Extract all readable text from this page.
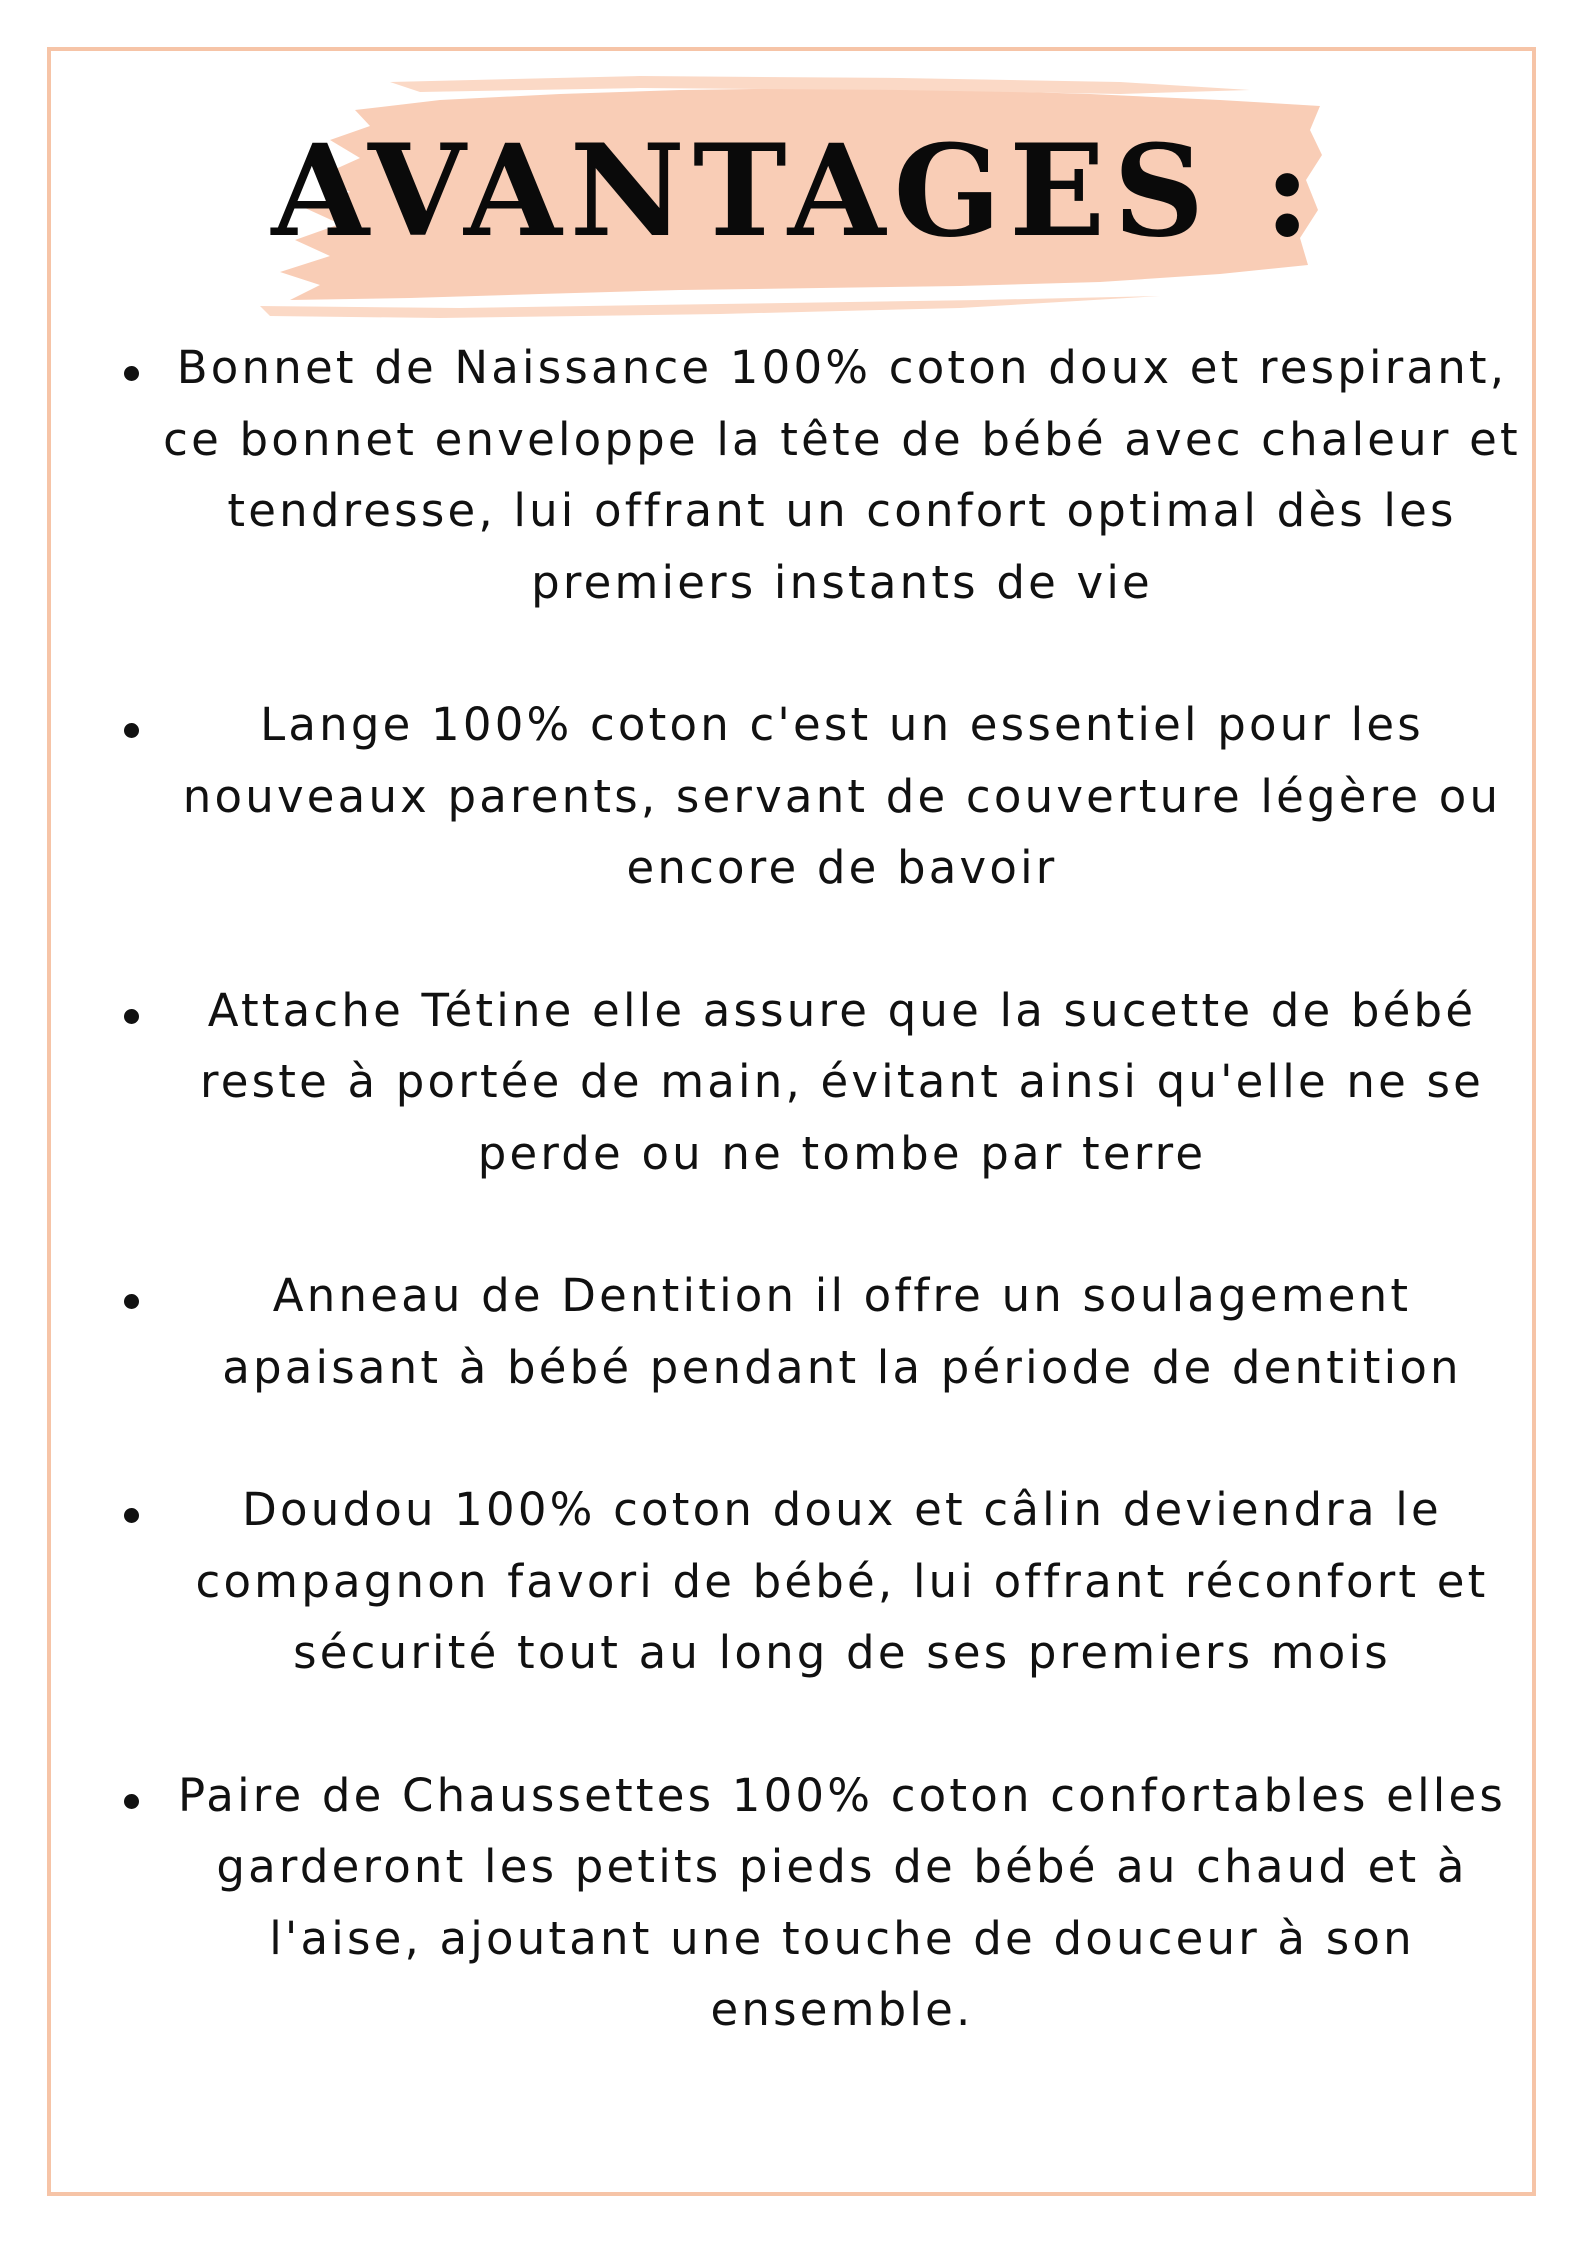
AVANTAGES :
Bonnet de Naissance 100% coton doux et respirant, ce bonnet enveloppe la tête de bébé avec chaleur et tendresse, lui offrant un confort optimal dès les premiers instants de vie
Lange 100% coton c'est un essentiel pour les nouveaux parents, servant de couverture légère ou encore de bavoir
Attache Tétine elle assure que la sucette de bébé reste à portée de main, évitant ainsi qu'elle ne se perde ou ne tombe par terre
Anneau de Dentition il offre un soulagement apaisant à bébé pendant la période de dentition
Doudou 100% coton doux et câlin deviendra le compagnon favori de bébé, lui offrant réconfort et sécurité tout au long de ses premiers mois
Paire de Chaussettes 100% coton confortables elles garderont les petits pieds de bébé au chaud et à l'aise, ajoutant une touche de douceur à son ensemble.
